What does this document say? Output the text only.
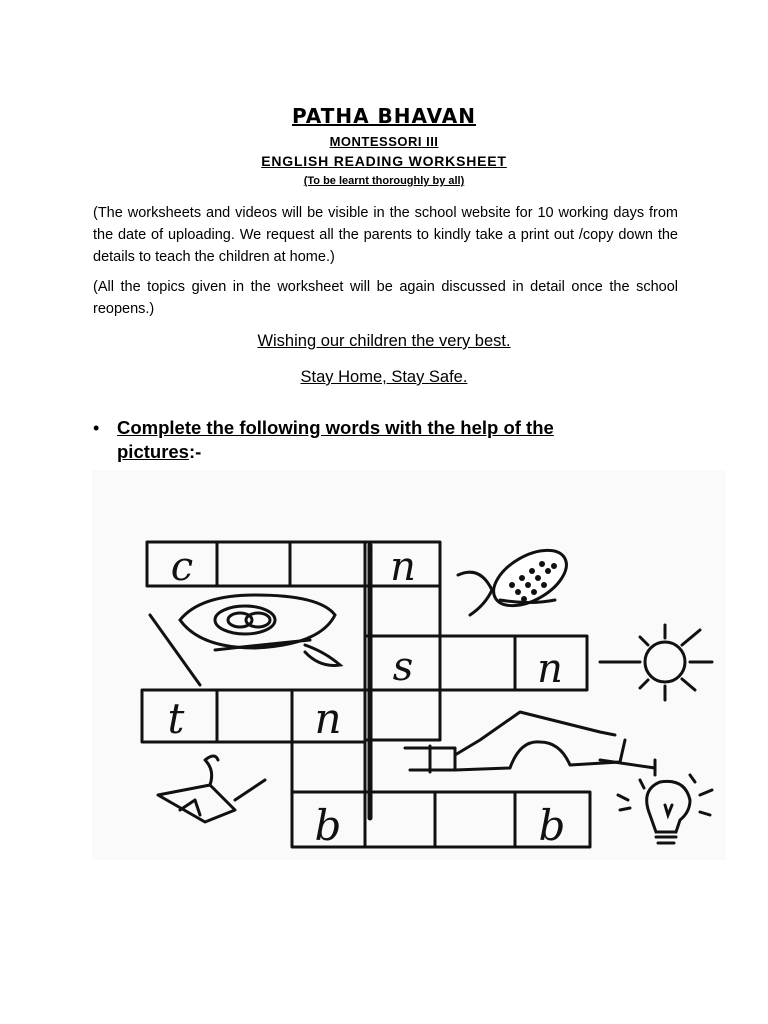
PATHA BHAVAN
MONTESSORI III
ENGLISH READING WORKSHEET
(To be learnt thoroughly by all)
(The worksheets and videos will be visible in the school website for 10 working days from the date of uploading. We request all the parents to kindly take a print out /copy down the details to teach the children at home.)
(All the topics given in the worksheet will be again discussed in detail once the school reopens.)
Wishing our children the very best.
Stay Home, Stay Safe.
• Complete the following words with the help of the pictures:-
c	n
s	n
t	n
b	b
